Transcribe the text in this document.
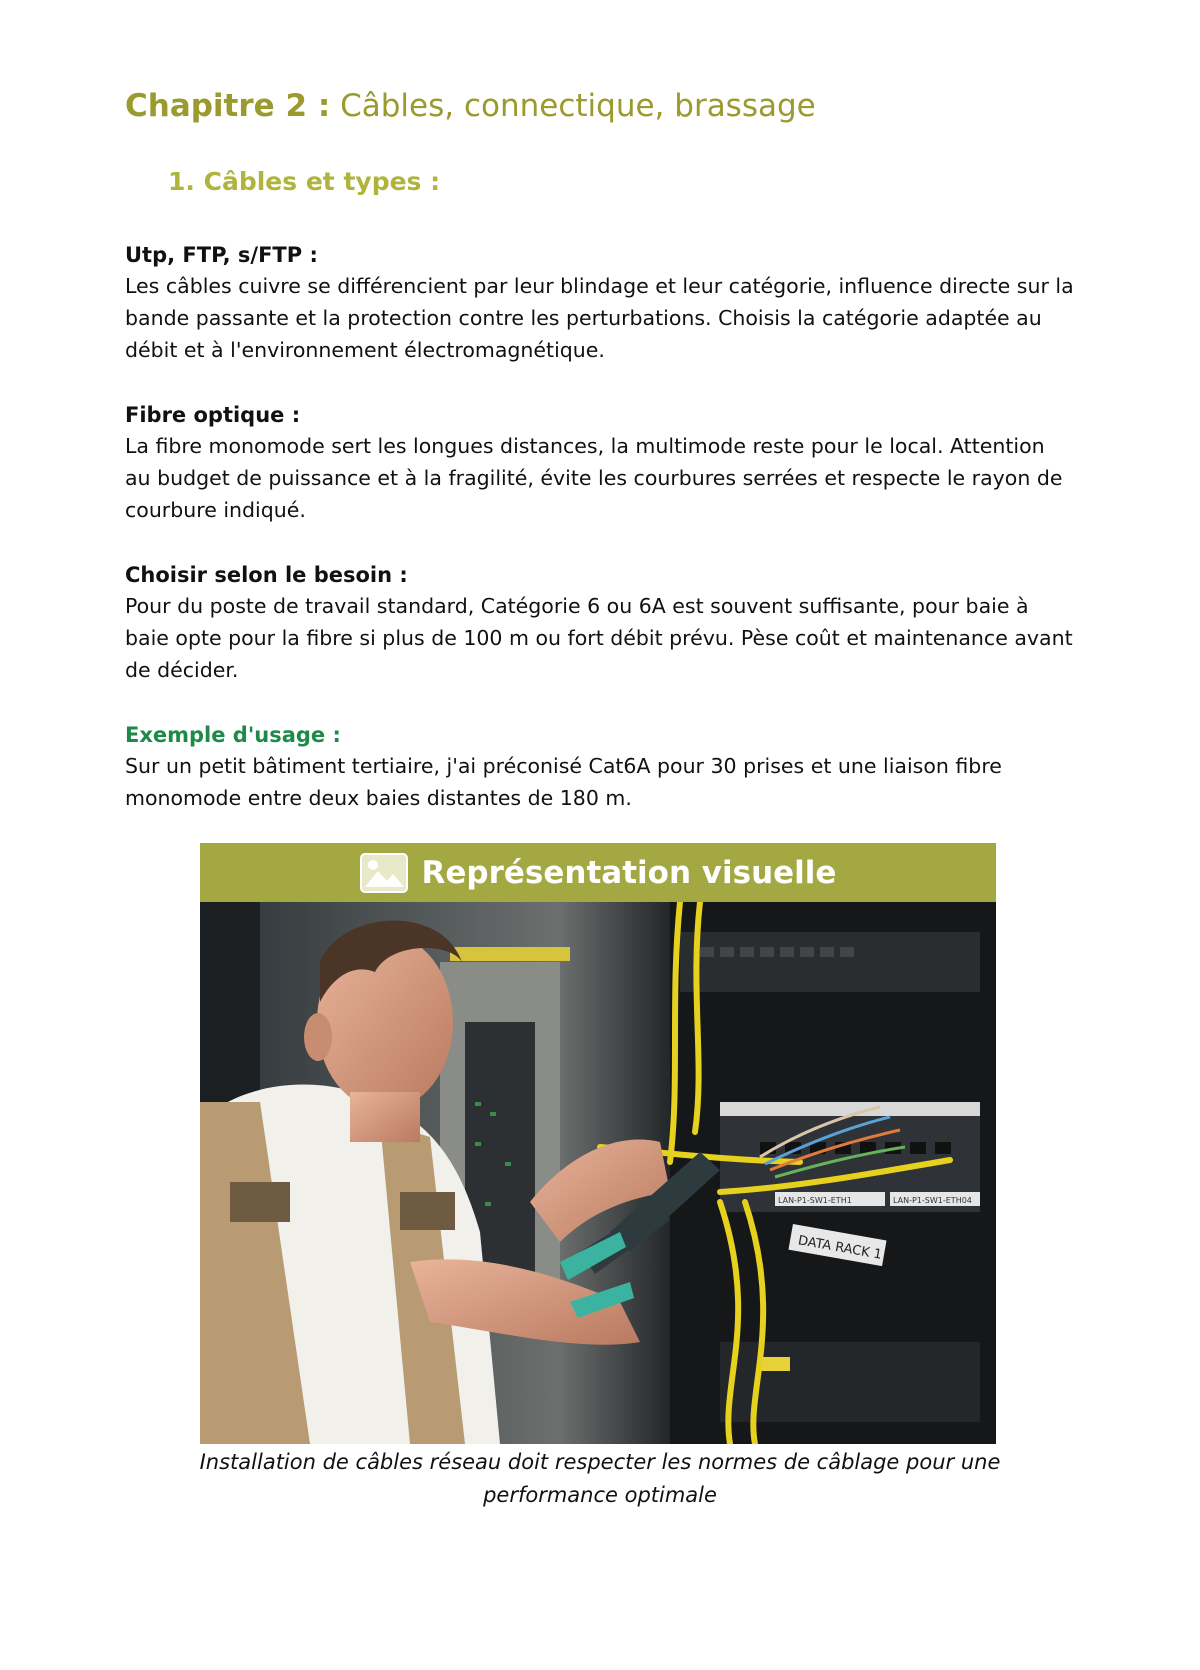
Chapitre 2 : Câbles, connectique, brassage
1. Câbles et types :

Utp, FTP, s/FTP :

Les câbles cuivre se différencient par leur blindage et leur catégorie, influence directe sur la bande passante et la protection contre les perturbations. Choisis la catégorie adaptée au débit et à l'environnement électromagnétique.

Fibre optique :

La fibre monomode sert les longues distances, la multimode reste pour le local. Attention au budget de puissance et à la fragilité, évite les courbures serrées et respecte le rayon de courbure indiqué.

Choisir selon le besoin :

Pour du poste de travail standard, Catégorie 6 ou 6A est souvent suffisante, pour baie à baie opte pour la fibre si plus de 100 m ou fort débit prévu. Pèse coût et maintenance avant de décider.

Exemple d'usage :

Sur un petit bâtiment tertiaire, j'ai préconisé Cat6A pour 30 prises et une liaison fibre monomode entre deux baies distantes de 180 m.

Représentation visuelle
LAN-P1-SW1-ETH1	LAN-P1-SW1-ETH04
DATA RACK 1
Installation de câbles réseau doit respecter les normes de câblage pour une performance optimale
